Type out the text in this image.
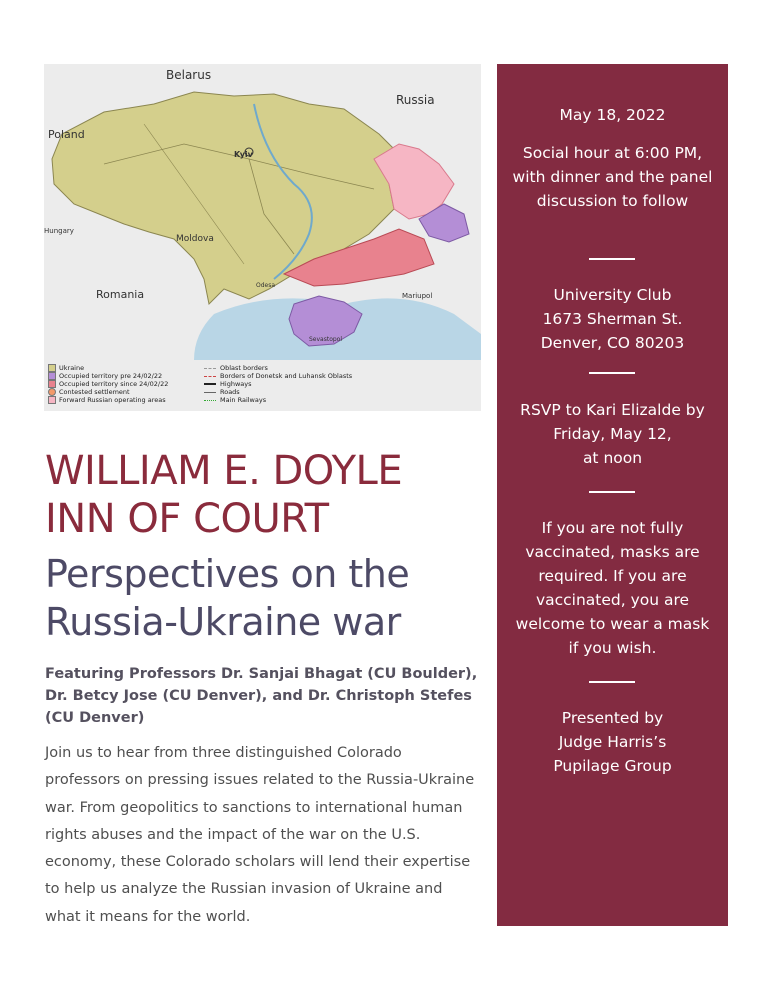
Belarus
Russia
Poland
Moldova
Romania
Hungary
Kyiv
Mariupol
Odesa
Sevastopol
Ukraine
Occupied territory pre 24/02/22
Occupied territory since 24/02/22
Contested settlement
Forward Russian operating areas
Oblast borders
Borders of Donetsk and Luhansk Oblasts
Highways
Roads
Main Railways
WILLIAM E. DOYLE
INN OF COURT
Perspectives on the
Russia-Ukraine war

Featuring Professors Dr. Sanjai Bhagat (CU Boulder), Dr. Betcy Jose (CU Denver), and Dr. Christoph Stefes (CU Denver)

Join us to hear from three distinguished Colorado professors on pressing issues related to the Russia-Ukraine war. From geopolitics to sanctions to international human rights abuses and the impact of the war on the U.S. economy, these Colorado scholars will lend their expertise to help us analyze the Russian invasion of Ukraine and what it means for the world.

May 18, 2022
Social hour at 6:00 PM, with dinner and the panel discussion to follow
University Club
1673 Sherman St.
Denver, CO 80203
RSVP to Kari Elizalde by Friday, May 12,
at noon
If you are not fully vaccinated, masks are required. If you are vaccinated, you are welcome to wear a mask if you wish.
Presented by
Judge Harris’s
Pupilage Group
